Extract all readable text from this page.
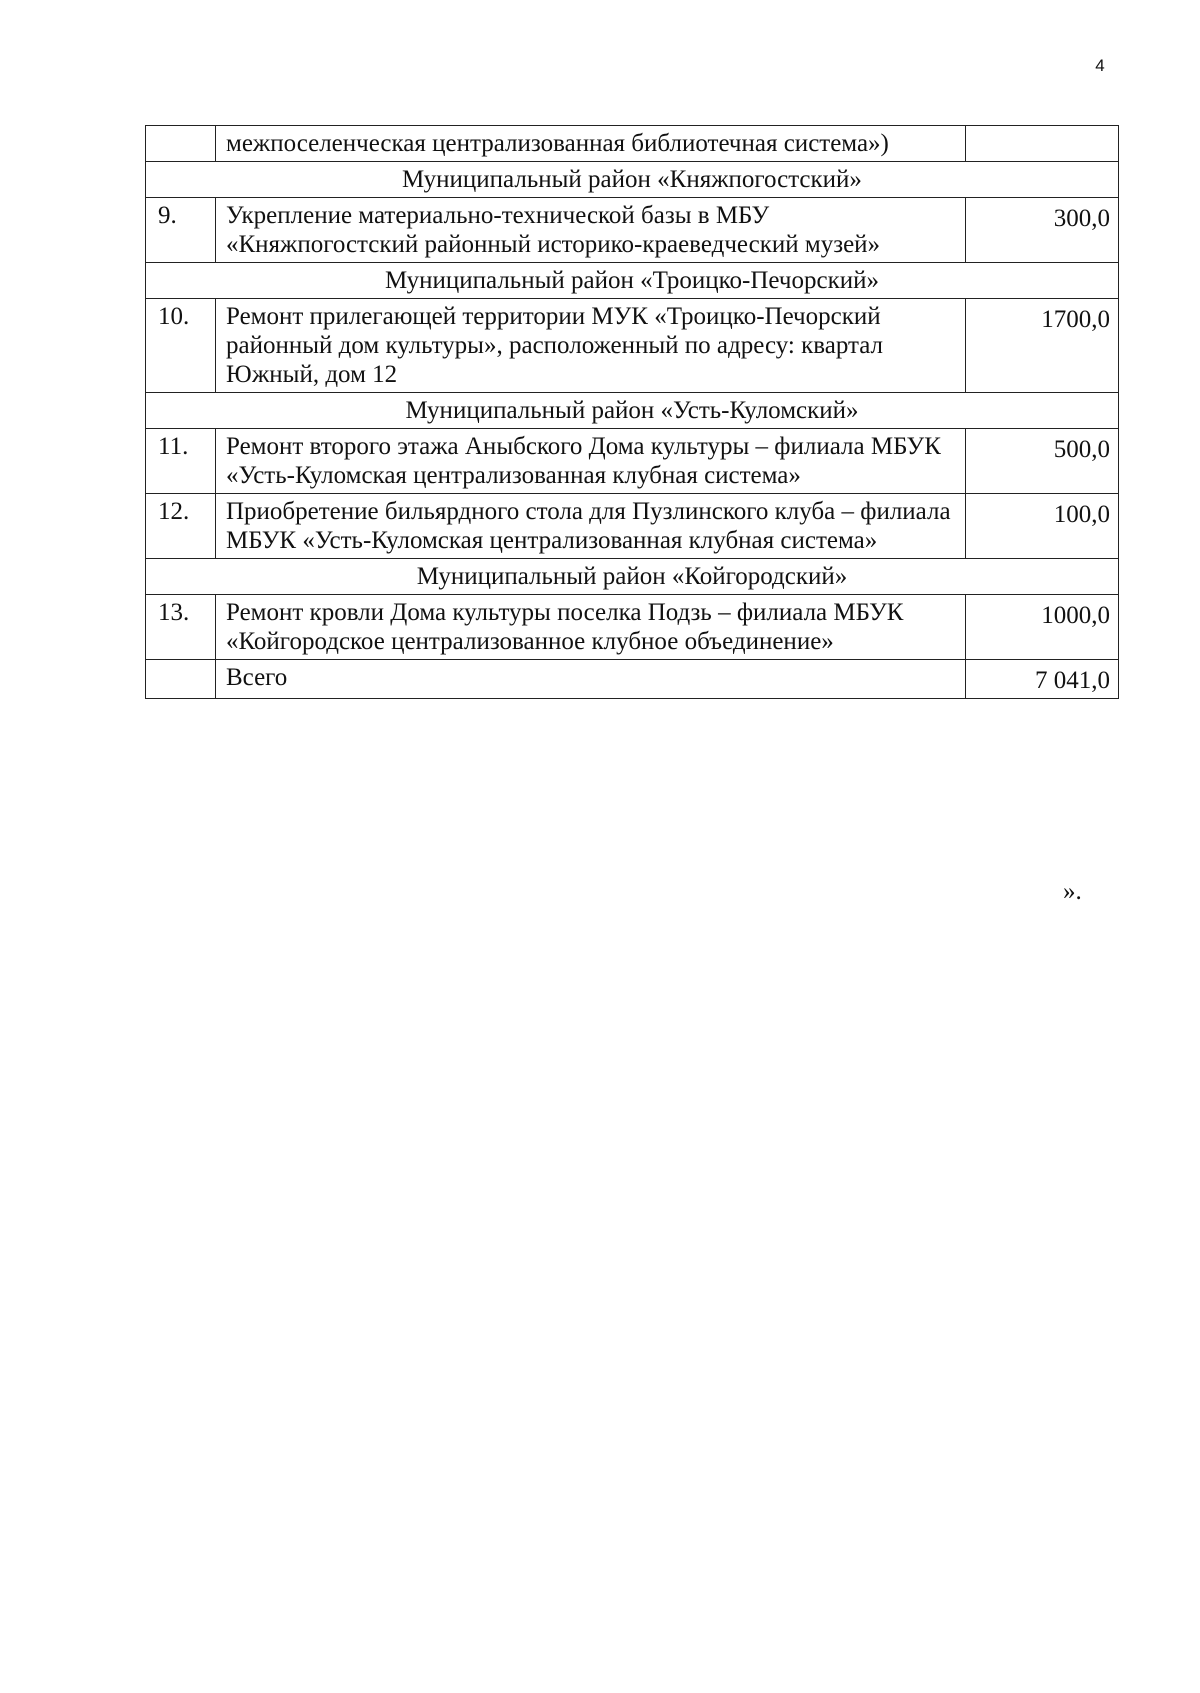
4
	межпоселенческая централизованная библиотечная система»)	
Муниципальный район «Княжпогостский»		
9.	Укрепление материально-технической базы в МБУ «Княжпогостский районный историко-краеведческий музей»	300,0
Муниципальный район «Троицко-Печорский»		
10.	Ремонт прилегающей территории МУК «Троицко-Печорский районный дом культуры», расположенный по адресу: квартал Южный, дом 12	1700,0
Муниципальный район «Усть-Куломский»		
11.	Ремонт второго этажа Аныбского Дома культуры – филиала МБУК «Усть-Куломская централизованная клубная система»	500,0
12.	Приобретение бильярдного стола для Пузлинского клуба – филиала МБУК «Усть-Куломская централизованная клубная система»	100,0
Муниципальный район «Койгородский»		
13.	Ремонт кровли Дома культуры поселка Подзь – филиала МБУК «Койгородское централизованное клубное объединение»	1000,0
	Всего	7 041,0
».
